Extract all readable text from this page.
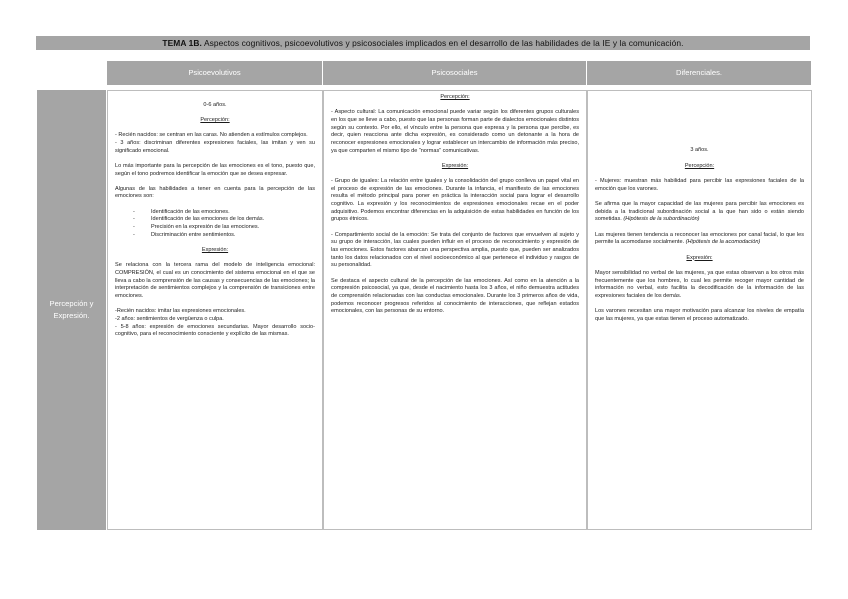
TEMA 1B. Aspectos cognitivos, psicoevolutivos y psicosociales implicados en el desarrollo de las habilidades de la IE y la comunicación.
Psicoevolutivos	Psicosociales	Diferenciales.
Percepción y Expresión.

0-6 años.

Percepción:

- Recién nacidos: se centran en las caras. No atienden a estímulos complejos.

- 3 años: discriminan diferentes expresiones faciales, las imitan y ven su significado emocional.

Lo más importante para la percepción de las emociones es el tono, puesto que, según el tono podremos identificar la emoción que se desea expresar.

Algunas de las habilidades a tener en cuenta para la percepción de las emociones son:

- Identificación de las emociones.
- Identificación de las emociones de los demás.
- Precisión en la expresión de las emociones.
- Discriminación entre sentimientos.

Expresión:

Se relaciona con la tercera rama del modelo de inteligencia emocional: COMPRESIÓN, el cual es un conocimiento del sistema emocional en el que se lleva a cabo la comprensión de las causas y consecuencias de las emociones; la interpretación de sentimientos complejos y la comprensión de transiciones entre emociones.

-Recién nacidos: imitar las expresiones emocionales.

-2 años: sentimientos de vergüenza o culpa.

- 5-8 años: expresión de emociones secundarias. Mayor desarrollo socio-cognitivo, para el reconocimiento consciente y explícito de las mismas.

Percepción:

- Aspecto cultural: La comunicación emocional puede variar según los diferentes grupos culturales en los que se lleve a cabo, puesto que las personas forman parte de dialectos emocionales distintos según su contexto. Por ello, el vínculo entre la persona que expresa y la persona que percibe, es decir, quien reacciona ante dicha expresión, es considerado como un detonante a la hora de reconocer expresiones emocionales y lograr establecer un intercambio de información más preciso, ya que comparten el mismo tipo de “normas” comunicativas.

Expresión:

- Grupo de iguales: La relación entre iguales y la consolidación del grupo conlleva un papel vital en el proceso de expresión de las emociones. Durante la infancia, el manifiesto de las emociones resulta el método principal para poner en práctica la interacción social para lograr el desarrollo cognitivo. La expresión y los reconocimientos de expresiones emocionales recae en el poder adquisitivo. Podemos encontrar diferencias en la adquisición de estas habilidades en función de los grupos étnicos.

- Compartimiento social de la emoción: Se trata del conjunto de factores que envuelven al sujeto y su grupo de interacción, las cuales pueden influir en el proceso de reconocimiento y expresión de las emociones. Estos factores abarcan una perspectiva amplia, puesto que, pueden ser analizados tanto los datos relacionados con el nivel socioeconómico al que pertenece el individuo y rasgos de su personalidad.

Se destaca el aspecto cultural de la percepción de las emociones. Así como en la atención a la compresión psicosocial, ya que, desde el nacimiento hasta los 3 años, el niño demuestra actitudes de comprensión relacionadas con las conductas emocionales. Durante los 3 primeros años de vida, podemos reconocer progresos referidos al conocimiento de interacciones, que reflejan estados emocionales, con las personas de su entorno.

3 años.

Percepción:

- Mujeres: muestran más habilidad para percibir las expresiones faciales de la emoción que los varones.

Se afirma que la mayor capacidad de las mujeres para percibir las emociones es debida a la tradicional subordinación social a la que han sido o están siendo sometidas. (Hipótesis de la subordinación)

Las mujeres tienen tendencia a reconocer las emociones por canal facial, lo que les permite la acomodarse socialmente. (Hipótesis de la acomodación)

Expresión:

Mayor sensibilidad no verbal de las mujeres, ya que estas observan a los otros más frecuentemente que los hombres, lo cual les permite recoger mayor cantidad de información no verbal, esto facilita la decodificación de la información de las expresiones faciales de los demás.

Los varones necesitan una mayor motivación para alcanzar los niveles de empatía que las mujeres, ya que estas tienen el proceso automatizado.
